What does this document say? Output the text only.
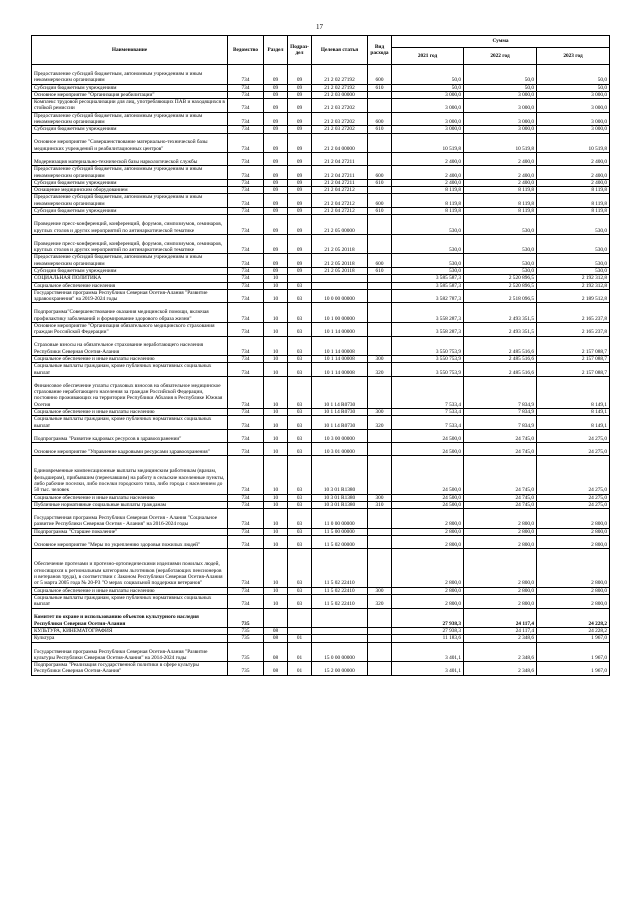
17
Наименование	Ведомство	Раздел	Подраз-дел	Целевая статья	Вид расхода	Сумма		
						2021 год	2022 год	2023 год
Предоставление субсидий бюджетным, автономным учреждениям и иным некоммерческим организациям	734	09	09	21 2 02 27192	600	50,0	50,0	50,0
Субсидии бюджетным учреждениям	734	09	09	21 2 02 27192	610	50,0	50,0	50,0
Основное мероприятие "Организация реабилитации"	734	09	09	21 2 03 00000		3 000,0	3 000,0	3 000,0
Комплекс трудовой ресоциализации для лиц, употребляющих ПАВ и находящихся в стойкой ремиссии	734	09	09	21 2 03 27202		3 000,0	3 000,0	3 000,0
Предоставление субсидий бюджетным, автономным учреждениям и иным некоммерческим организациям	734	09	09	21 2 03 27202	600	3 000,0	3 000,0	3 000,0
Субсидии бюджетным учреждениям	734	09	09	21 2 03 27202	610	3 000,0	3 000,0	3 000,0
Основное мероприятие "Совершенствование материально-технической базы медицинских учреждений и реабилитационных центров"	734	09	09	21 2 04 00000		10 519,8	10 519,8	10 519,8
Модернизация материально-технической базы наркологической службы	734	09	09	21 2 04 27211		2 400,0	2 400,0	2 400,0
Предоставление субсидий бюджетным, автономным учреждениям и иным некоммерческим организациям	734	09	09	21 2 04 27211	600	2 400,0	2 400,0	2 400,0
Субсидии бюджетным учреждениям	734	09	09	21 2 04 27211	610	2 400,0	2 400,0	2 400,0
Оснащение медицинским оборудованием	734	09	09	21 2 04 27212		8 119,8	8 119,8	8 119,8
Предоставление субсидий бюджетным, автономным учреждениям и иным некоммерческим организациям	734	09	09	21 2 04 27212	600	8 119,8	8 119,8	8 119,8
Субсидии бюджетным учреждениям	734	09	09	21 2 04 27212	610	8 119,8	8 119,8	8 119,8
Проведение пресс-конференций, конференций, форумов, симпозиумов, семинаров, круглых столов и других мероприятий по антинаркотической тематике	734	09	09	21 2 05 00000		530,0	530,0	530,0
Проведение пресс-конференций, конференций, форумов, симпозиумов, семинаров, круглых столов и других мероприятий по антинаркотической тематике	734	09	09	21 2 05 20118		530,0	530,0	530,0
Предоставление субсидий бюджетным, автономным учреждениям и иным некоммерческим организациям	734	09	09	21 2 05 20118	600	530,0	530,0	530,0
Субсидии бюджетным учреждениям	734	09	09	21 2 05 20118	610	530,0	530,0	530,0
СОЦИАЛЬНАЯ ПОЛИТИКА	734	10				3 585 587,3	2 520 896,5	2 192 312,8
Социальное обеспечение населения	734	10	03			3 585 587,3	2 520 896,5	2 192 312,8
Государственная программа Республики Северная Осетия-Алания "Развитие здравоохранения" на 2019-2024 годы	734	10	03	10 0 00 00000		3 582 787,3	2 518 096,5	2 189 512,8
Подпрограмма"Совершенствование оказания медицинской помощи, включая профилактику заболеваний и формирование здорового образа жизни"	734	10	03	10 1 00 00000		3 558 287,3	2 493 351,5	2 165 237,8
Основное мероприятие "Организация обязательного медицинского страхования граждан Российской Федерации"	734	10	03	10 1 14 00000		3 558 287,3	2 493 351,5	2 165 237,8
Страховые взносы на обязательное страхование неработающего населения Республики Северная Осетия-Алания	734	10	03	10 1 14 00008		3 550 753,9	2 485 516,6	2 157 088,7
Социальное обеспечение и иные выплаты населению	734	10	03	10 1 14 00008	300	3 550 753,9	2 485 516,6	2 157 088,7
Социальные выплаты гражданам, кроме публичных нормативных социальных выплат	734	10	03	10 1 14 00008	320	3 550 753,9	2 485 516,6	2 157 088,7
Финансовое обеспечение уплаты страховых взносов на обязательное медицинское страхование неработающего населения за граждан Российской Федерации, постоянно проживающих на территории Республики Абхазия в Республике Южная Осетия	734	10	03	10 1 14 R0730		7 533,4	7 834,9	8 149,1
Социальное обеспечение и иные выплаты населению	734	10	03	10 1 14 R0730	300	7 533,4	7 834,9	8 149,1
Социальные выплаты гражданам, кроме публичных нормативных социальных выплат	734	10	03	10 1 14 R0730	320	7 533,4	7 834,9	8 149,1
Подпрограмма "Развитие кадровых ресурсов в здравоохранении"	734	10	03	10 3 00 00000		24 500,0	24 745,0	24 275,0
Основное мероприятие "Управление кадровыми ресурсами здравоохранения"	734	10	03	10 3 01 00000		24 500,0	24 745,0	24 275,0
Единовременные компенсационные выплаты медицинским работникам (врачам, фельдшерам), прибывшим (переехавшим) на работу в сельские населенные пункты, либо рабочие поселки, либо поселки городского типа, либо города с населением до 50 тыс. человек	734	10	03	10 3 01 R1380		24 500,0	24 745,0	24 275,0
Социальное обеспечение и иные выплаты населению	734	10	03	10 3 01 R1380	300	24 500,0	24 745,0	24 275,0
Публичные нормативные социальные выплаты гражданам	734	10	03	10 3 01 R1380	310	24 500,0	24 745,0	24 275,0
Государственная программа Республики Северная Осетия - Алания "Социальное развитие Республики Северная Осетия - Алания" на 2016-2024 годы	734	10	03	11 0 00 00000		2 800,0	2 800,0	2 800,0
Подпрограмма "Старшее поколение"	734	10	03	11 5 00 00000		2 800,0	2 800,0	2 800,0
Основное мероприятие "Меры по укреплению здоровья пожилых людей"	734	10	03	11 5 02 00000		2 800,0	2 800,0	2 800,0
Обеспечение протезами и протезно-ортопедическими изделиями пожилых людей, относящихся к региональным категориям льготников (неработающих пенсионеров и ветеранов труда), в соответствии с Законом Республики Северная Осетия-Алания от 5 марта 2005 года № 20-РЗ "О мерах социальной поддержки ветеранов"	734	10	03	11 5 02 22410		2 800,0	2 800,0	2 800,0
Социальное обеспечение и иные выплаты населению	734	10	03	11 5 02 22410	300	2 800,0	2 800,0	2 800,0
Социальные выплаты гражданам, кроме публичных нормативных социальных выплат	734	10	03	11 5 02 22410	320	2 800,0	2 800,0	2 800,0
Комитет по охране и использованию объектов культурного наследия Республики Северная Осетия-Алания	735					27 938,3	24 117,4	24 228,2
КУЛЬТУРА, КИНЕМАТОГРАФИЯ	735	08				27 938,3	24 117,4	24 228,2
Культура	735	08	01			11 183,6	2 348,6	1 967,0
Государственная программа Республики Северная Осетия-Алания "Развитие культуры Республики Северная Осетия-Алания" на 2014-2024 годы	735	08	01	15 0 00 00000		3 401,1	2 348,6	1 967,0
Подпрограмма "Реализация государственной политики в сфере культуры Республики Северная Осетия-Алания"	735	08	01	15 2 00 00000		3 401,1	2 348,6	1 967,0
